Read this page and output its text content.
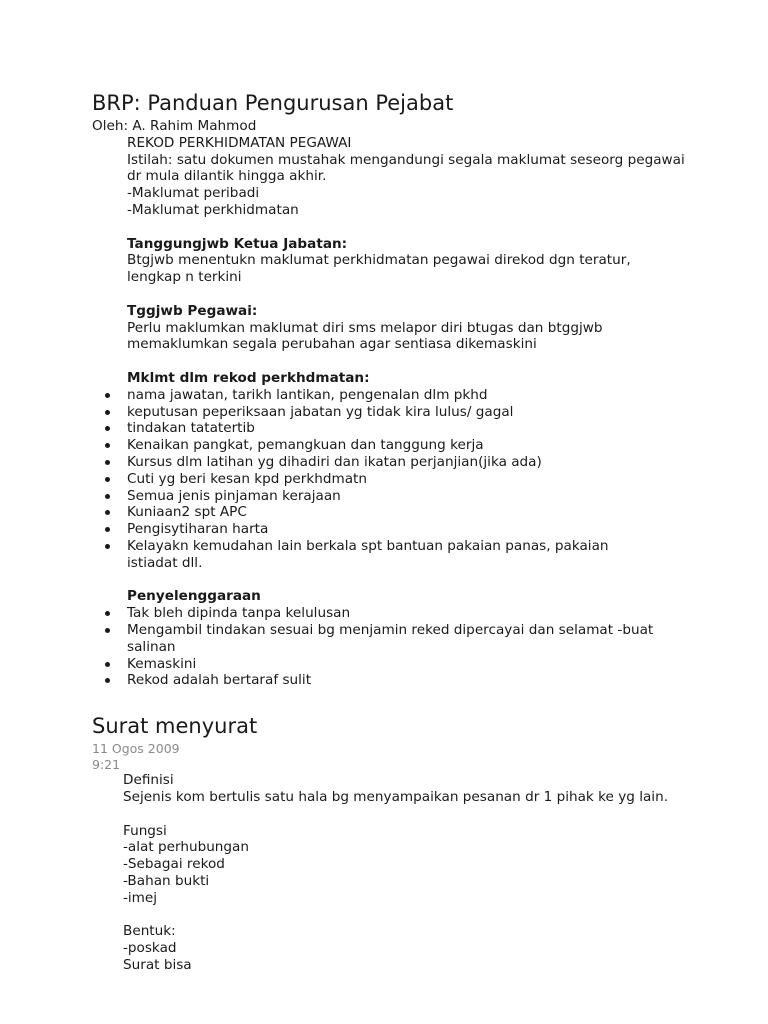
BRP: Panduan Pengurusan Pejabat
Oleh: A. Rahim Mahmod
REKOD PERKHIDMATAN PEGAWAI
Istilah: satu dokumen mustahak mengandungi segala maklumat seseorg pegawai dr mula dilantik hingga akhir.
-Maklumat peribadi
-Maklumat perkhidmatan
Tanggungjwb Ketua Jabatan:
Btgjwb menentukn maklumat perkhidmatan pegawai direkod dgn teratur, lengkap n terkini
Tggjwb Pegawai:
Perlu maklumkan maklumat diri sms melapor diri btugas dan btggjwb memaklumkan segala perubahan agar sentiasa dikemaskini
Mklmt dlm rekod perkhdmatan:
nama jawatan, tarikh lantikan, pengenalan dlm pkhd
keputusan peperiksaan jabatan yg tidak kira lulus/ gagal
tindakan tatatertib
Kenaikan pangkat, pemangkuan dan tanggung kerja
Kursus dlm latihan yg dihadiri dan ikatan perjanjian(jika ada)
Cuti yg beri kesan kpd perkhdmatn
Semua jenis pinjaman kerajaan
Kuniaan2 spt APC
Pengisytiharan harta
Kelayakn kemudahan lain berkala spt bantuan pakaian panas, pakaian istiadat dll.
Penyelenggaraan
Tak bleh dipinda tanpa kelulusan
Mengambil tindakan sesuai bg menjamin reked dipercayai dan selamat -buat salinan
Kemaskini
Rekod adalah bertaraf sulit
Surat menyurat
11 Ogos 2009
9:21
Definisi
Sejenis kom bertulis satu hala bg menyampaikan pesanan dr 1 pihak ke yg lain.
Fungsi
-alat perhubungan
-Sebagai rekod
-Bahan bukti
-imej
Bentuk:
-poskad
Surat bisa
